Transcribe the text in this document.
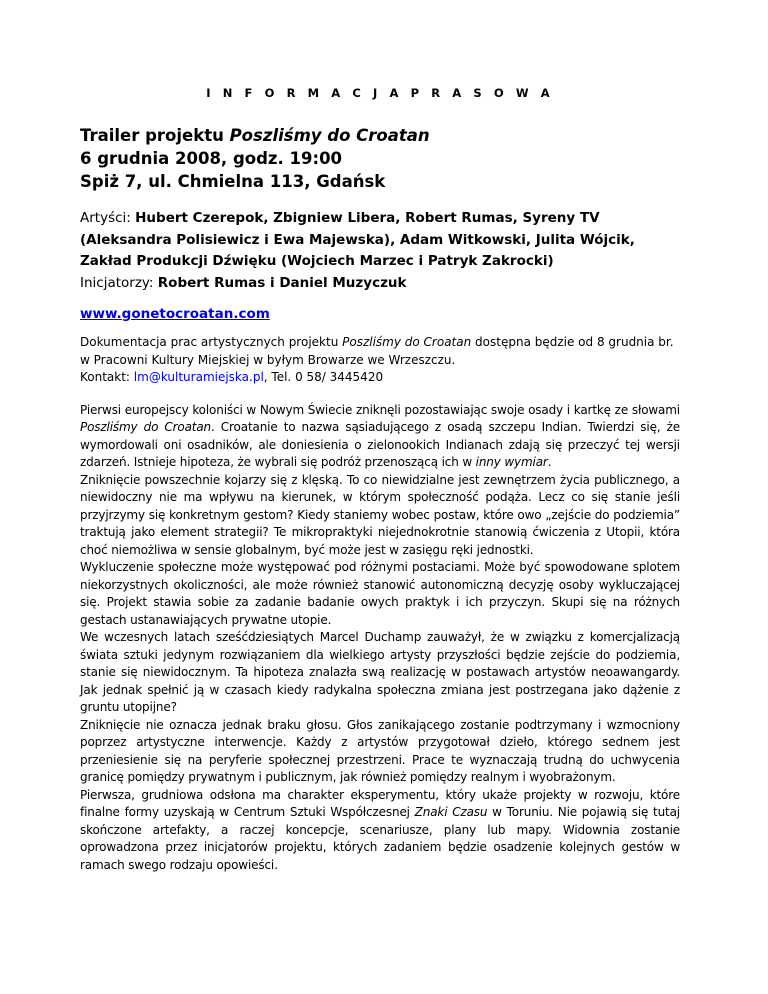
I N F O R M A C J A P R A S O W A
Trailer projektu Poszliśmy do Croatan
6 grudnia 2008, godz. 19:00
Spiż 7, ul. Chmielna 113, Gdańsk
Artyści: Hubert Czerepok, Zbigniew Libera, Robert Rumas, Syreny TV (Aleksandra Polisiewicz i Ewa Majewska), Adam Witkowski, Julita Wójcik, Zakład Produkcji Dźwięku (Wojciech Marzec i Patryk Zakrocki)
Inicjatorzy: Robert Rumas i Daniel Muzyczuk
www.gonetocroatan.com
Dokumentacja prac artystycznych projektu Poszliśmy do Croatan dostępna będzie od 8 grudnia br. w Pracowni Kultury Miejskiej w byłym Browarze we Wrzeszczu.
Kontakt: lm@kulturamiejska.pl, Tel. 0 58/ 3445420

Pierwsi europejscy koloniści w Nowym Świecie zniknęli pozostawiając swoje osady i kartkę ze słowami Poszliśmy do Croatan. Croatanie to nazwa sąsiadującego z osadą szczepu Indian. Twierdzi się, że wymordowali oni osadników, ale doniesienia o zielonookich Indianach zdają się przeczyć tej wersji zdarzeń. Istnieje hipoteza, że wybrali się podróż przenoszącą ich w inny wymiar.

Zniknięcie powszechnie kojarzy się z klęską. To co niewidzialne jest zewnętrzem życia publicznego, a niewidoczny nie ma wpływu na kierunek, w którym społeczność podąża. Lecz co się stanie jeśli przyjrzymy się konkretnym gestom? Kiedy staniemy wobec postaw, które owo „zejście do podziemia” traktują jako element strategii? Te mikropraktyki niejednokrotnie stanowią ćwiczenia z Utopii, która choć niemożliwa w sensie globalnym, być może jest w zasięgu ręki jednostki.

Wykluczenie społeczne może występować pod różnymi postaciami. Może być spowodowane splotem niekorzystnych okoliczności, ale może również stanowić autonomiczną decyzję osoby wykluczającej się. Projekt stawia sobie za zadanie badanie owych praktyk i ich przyczyn. Skupi się na różnych gestach ustanawiających prywatne utopie.

We wczesnych latach sześćdziesiątych Marcel Duchamp zauważył, że w związku z komercjalizacją świata sztuki jedynym rozwiązaniem dla wielkiego artysty przyszłości będzie zejście do podziemia, stanie się niewidocznym. Ta hipoteza znalazła swą realizację w postawach artystów neoawangardy. Jak jednak spełnić ją w czasach kiedy radykalna społeczna zmiana jest postrzegana jako dążenie z gruntu utopijne?

Zniknięcie nie oznacza jednak braku głosu. Głos zanikającego zostanie podtrzymany i wzmocniony poprzez artystyczne interwencje. Każdy z artystów przygotował dzieło, którego sednem jest przeniesienie się na peryferie społecznej przestrzeni. Prace te wyznaczają trudną do uchwycenia granicę pomiędzy prywatnym i publicznym, jak również pomiędzy realnym i wyobrażonym.

Pierwsza, grudniowa odsłona ma charakter eksperymentu, który ukaże projekty w rozwoju, które finalne formy uzyskają w Centrum Sztuki Współczesnej Znaki Czasu w Toruniu. Nie pojawią się tutaj skończone artefakty, a raczej koncepcje, scenariusze, plany lub mapy. Widownia zostanie oprowadzona przez inicjatorów projektu, których zadaniem będzie osadzenie kolejnych gestów w ramach swego rodzaju opowieści.
